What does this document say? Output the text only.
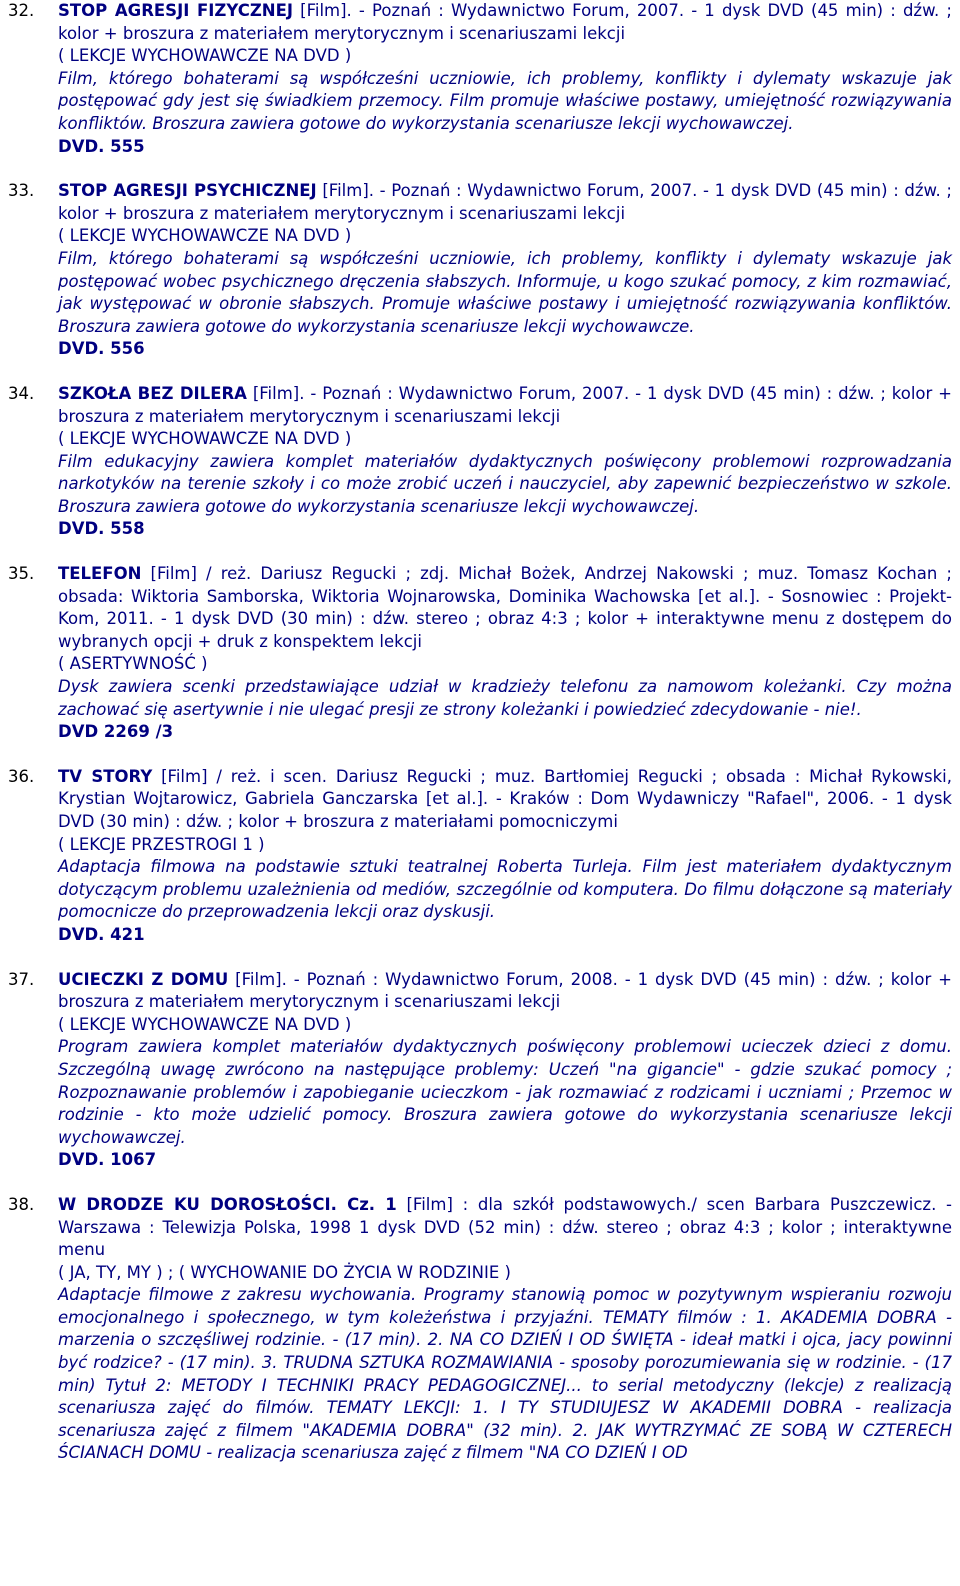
32. STOP AGRESJI FIZYCZNEJ [Film]. - Poznań : Wydawnictwo Forum, 2007. - 1 dysk DVD (45 min) : dźw. ; kolor + broszura z materiałem merytorycznym i scenariuszami lekcji
( LEKCJE WYCHOWAWCZE NA DVD )
Film, którego bohaterami są współcześni uczniowie, ich problemy, konflikty i dylematy wskazuje jak postępować gdy jest się świadkiem przemocy. Film promuje właściwe postawy, umiejętność rozwiązywania konfliktów. Broszura zawiera gotowe do wykorzystania scenariusze lekcji wychowawczej.
DVD. 555
33. STOP AGRESJI PSYCHICZNEJ [Film]. - Poznań : Wydawnictwo Forum, 2007. - 1 dysk DVD (45 min) : dźw. ; kolor + broszura z materiałem merytorycznym i scenariuszami lekcji
( LEKCJE WYCHOWAWCZE NA DVD )
Film, którego bohaterami są współcześni uczniowie, ich problemy, konflikty i dylematy wskazuje jak postępować wobec psychicznego dręczenia słabszych. Informuje, u kogo szukać pomocy, z kim rozmawiać, jak występować w obronie słabszych. Promuje właściwe postawy i umiejętność rozwiązywania konfliktów. Broszura zawiera gotowe do wykorzystania scenariusze lekcji wychowawcze.
DVD. 556
34. SZKOŁA BEZ DILERA [Film]. - Poznań : Wydawnictwo Forum, 2007. - 1 dysk DVD (45 min) : dźw. ; kolor + broszura z materiałem merytorycznym i scenariuszami lekcji
( LEKCJE WYCHOWAWCZE NA DVD )
Film edukacyjny zawiera komplet materiałów dydaktycznych poświęcony problemowi rozprowadzania narkotyków na terenie szkoły i co może zrobić uczeń i nauczyciel, aby zapewnić bezpieczeństwo w szkole. Broszura zawiera gotowe do wykorzystania scenariusze lekcji wychowawczej.
DVD. 558
35. TELEFON [Film] / reż. Dariusz Regucki ; zdj. Michał Bożek, Andrzej Nakowski ; muz. Tomasz Kochan ; obsada: Wiktoria Samborska, Wiktoria Wojnarowska, Dominika Wachowska [et al.]. - Sosnowiec : Projekt-Kom, 2011. - 1 dysk DVD (30 min) : dźw. stereo ; obraz 4:3 ; kolor + interaktywne menu z dostępem do wybranych opcji + druk z konspektem lekcji
( ASERTYWNOŚĆ )
Dysk zawiera scenki przedstawiające udział w kradzieży telefonu za namowom koleżanki. Czy można zachować się asertywnie i nie ulegać presji ze strony koleżanki i powiedzieć zdecydowanie - nie!.
DVD 2269 /3
36. TV STORY [Film] / reż. i scen. Dariusz Regucki ; muz. Bartłomiej Regucki ; obsada : Michał Rykowski, Krystian Wojtarowicz, Gabriela Ganczarska [et al.]. - Kraków : Dom Wydawniczy "Rafael", 2006. - 1 dysk DVD (30 min) : dźw. ; kolor + broszura z materiałami pomocniczymi
( LEKCJE PRZESTROGI 1 )
Adaptacja filmowa na podstawie sztuki teatralnej Roberta Turleja. Film jest materiałem dydaktycznym dotyczącym problemu uzależnienia od mediów, szczególnie od komputera. Do filmu dołączone są materiały pomocnicze do przeprowadzenia lekcji oraz dyskusji.
DVD. 421
37. UCIECZKI Z DOMU [Film]. - Poznań : Wydawnictwo Forum, 2008. - 1 dysk DVD (45 min) : dźw. ; kolor + broszura z materiałem merytorycznym i scenariuszami lekcji
( LEKCJE WYCHOWAWCZE NA DVD )
Program zawiera komplet materiałów dydaktycznych poświęcony problemowi ucieczek dzieci z domu. Szczególną uwagę zwrócono na następujące problemy: Uczeń "na gigancie" - gdzie szukać pomocy ; Rozpoznawanie problemów i zapobieganie ucieczkom - jak rozmawiać z rodzicami i uczniami ; Przemoc w rodzinie - kto może udzielić pomocy. Broszura zawiera gotowe do wykorzystania scenariusze lekcji wychowawczej.
DVD. 1067
38. W DRODZE KU DOROSŁOŚCI. Cz. 1 [Film] : dla szkół podstawowych./ scen Barbara Puszczewicz. - Warszawa : Telewizja Polska, 1998 1 dysk DVD (52 min) : dźw. stereo ; obraz 4:3 ; kolor ; interaktywne menu
( JA, TY, MY ) ; ( WYCHOWANIE DO ŻYCIA W RODZINIE )
Adaptacje filmowe z zakresu wychowania. Programy stanowią pomoc w pozytywnym wspieraniu rozwoju emocjonalnego i społecznego, w tym koleżeństwa i przyjaźni. TEMATY filmów : 1. AKADEMIA DOBRA - marzenia o szczęśliwej rodzinie. - (17 min). 2. NA CO DZIEŃ I OD ŚWIĘTA - ideał matki i ojca, jacy powinni być rodzice? - (17 min). 3. TRUDNA SZTUKA ROZMAWIANIA - sposoby porozumiewania się w rodzinie. - (17 min) Tytuł 2: METODY I TECHNIKI PRACY PEDAGOGICZNEJ... to serial metodyczny (lekcje) z realizacją scenariusza zajęć do filmów. TEMATY LEKCJI: 1. I TY STUDIUJESZ W AKADEMII DOBRA - realizacja scenariusza zajęć z filmem "AKADEMIA DOBRA" (32 min). 2. JAK WYTRZYMAĆ ZE SOBĄ W CZTERECH ŚCIANACH DOMU - realizacja scenariusza zajęć z filmem "NA CO DZIEŃ I OD
